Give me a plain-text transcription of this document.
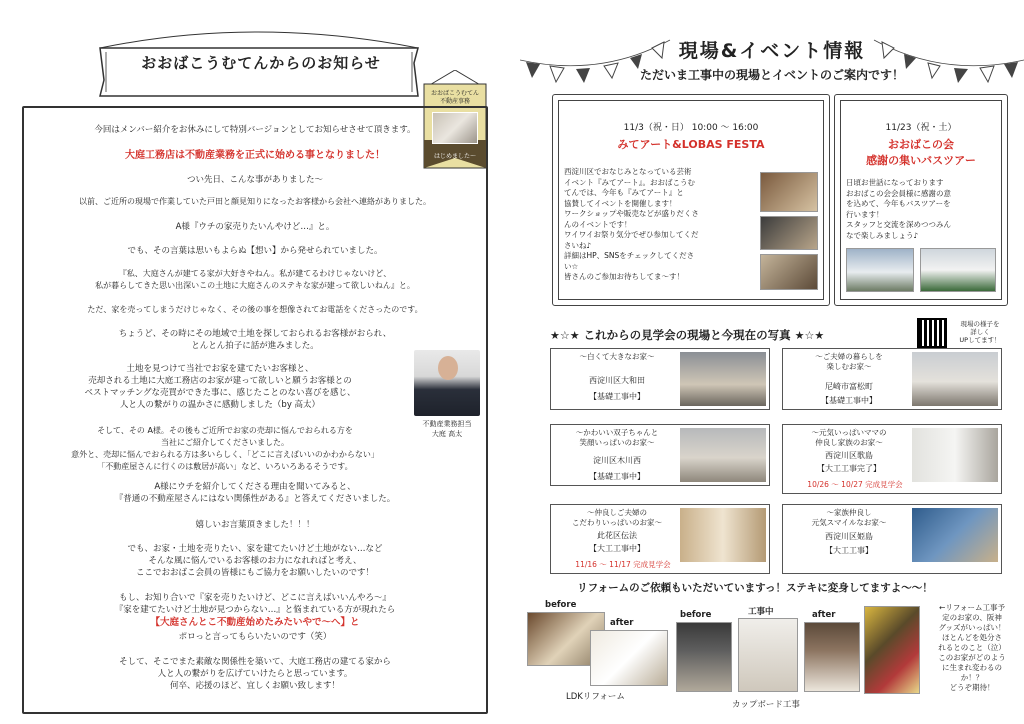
おおばこうむてんからのお知らせ
おおばこうむてん
不動産事務
はじめました〜
今回はメンバー紹介をお休みにして特別バージョンとしてお知らせさせて頂きます。
大庭工務店は不動産業務を正式に始める事となりました！
つい先日、こんな事がありました〜
以前、ご近所の現場で作業していた戸田と顔見知りになったお客様から会社へ連絡がありました。
A様『ウチの家売りたいんやけど…』と。
でも、その言葉は思いもよらぬ【想い】から発せられていました。
『私、大庭さんが建てる家が大好きやねん。私が建てるわけじゃないけど、
私が暮らしてきた思い出深いこの土地に大庭さんのステキな家が建って欲しいねん』と。
ただ、家を売ってしまうだけじゃなく、その後の事を想像されてお電話をくださったのです。
ちょうど、その時にその地域で土地を探しておられるお客様がおられ、
とんとん拍子に話が進みました。
土地を見つけて当社でお家を建てたいお客様と、
売却される土地に大庭工務店のお家が建って欲しいと願うお客様との
ベストマッチングな売買ができた事に、感じたことのない喜びを感じ、
人と人の繋がりの温かさに感動しました（by 高太）
そして、その A様。その後もご近所でお家の売却に悩んでおられる方を
当社にご紹介してくださいました。
意外と、売却に悩んでおられる方は多いらしく、「どこに言えばいいのかわからない」
「不動産屋さんに行くのは敷居が高い」など、いろいろあるそうです。
A様にウチを紹介してくださる理由を聞いてみると、
『普通の不動産屋さんにはない関係性がある』と答えてくださいました。
嬉しいお言葉頂きました！！！
でも、お家・土地を売りたい、家を建てたいけど土地がない…など
そんな風に悩んでいるお客様のお力になれればと考え、
ここでおおばこ会員の皆様にもご協力をお願いしたいのです！
もし、お知り合いで『家を売りたいけど、どこに言えばいいんやろ〜』
『家を建てたいけど土地が見つからない…』と悩まれている方が現れたら
【大庭さんとこ不動産始めたみたいやで〜へ】と
ポロっと言ってもらいたいのです（笑）
そして、そこでまた素敵な関係性を築いて、大庭工務店の建てる家から
人と人の繋がりを広げていけたらと思っています。
何卒、応援のほど、宜しくお願い致します！
不動産業務担当
大庭 高太
現場&イベント情報
ただいま工事中の現場とイベントのご案内です！
11/3（祝・日） 10:00 〜 16:00
みてアート&LOBAS FESTA
西淀川区でおなじみとなっている芸術
イベント『みてアート』。おおばこうむ
てんでは、今年も『みてアート』と
協賛してイベントを開催します！
ワークショップや販売などが盛りだくさ
んのイベントです！
ワイワイお祭り気分でぜひ参加してくだ
さいね♪
詳細はHP、SNSをチェックしてくださ
い☆
皆さんのご参加お待ちしてま〜す！
11/23（祝・土）
おおばこの会
感謝の集いバスツアー
日頃お世話になっております
おおばこの会会員様に感謝の意
を込めて、今年もバスツアーを
行います！
スタッフと交流を深めつつみん
なで楽しみましょう♪
★☆★ これからの見学会の現場と今現在の写真 ★☆★
現場の様子を
詳しく
UPしてます！
〜白くて大きなお家〜
西淀川区大和田
【基礎工事中】
〜ご夫婦の暮らしを
楽しむお家〜
尼崎市富松町
【基礎工事中】
〜かわいい双子ちゃんと
笑顔いっぱいのお家〜
淀川区木川西
【基礎工事中】
〜元気いっぱいママの
仲良し家族のお家〜
西淀川区歌島
【大工工事完了】
10/26 〜 10/27 完成見学会
〜仲良しご夫婦の
こだわりいっぱいのお家〜
此花区伝法
【大工工事中】
11/16 〜 11/17 完成見学会
〜家族仲良し
元気スマイルなお家〜
西淀川区姫島
【大工工事】
リフォームのご依頼もいただいていますっ！ステキに変身してますよ〜〜！
before
after
LDKリフォーム
before	工事中	after
カップボード工事
←リフォーム工事予
定のお家の、阪神
グッズがいっぱい！
ほとんどを処分さ
れるとのこと（泣）
このお家がどのよう
に生まれ変わるの
か！？
どうぞ期待！
